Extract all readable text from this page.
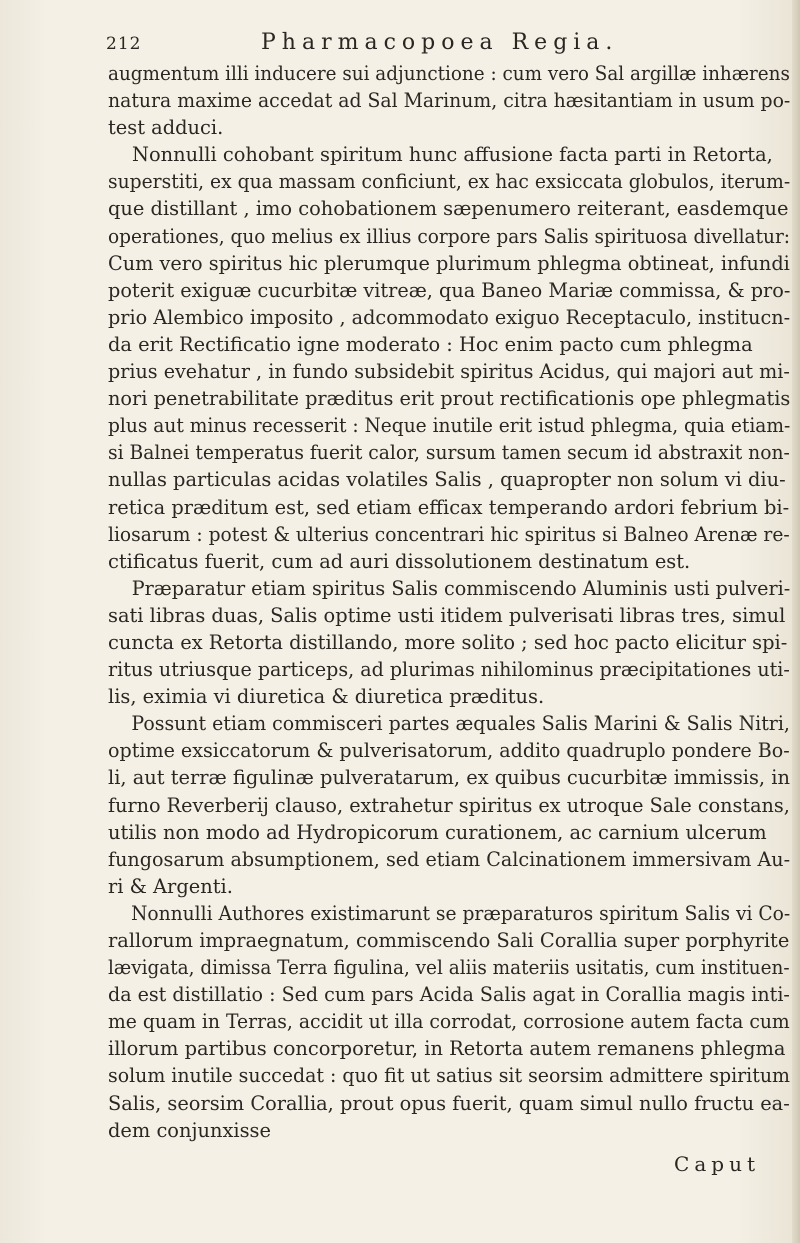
212	Pharmacopoea Regia.
augmentum illi inducere sui adjunctione : cum vero Sal argillæ inhærens
natura maxime accedat ad Sal Marinum, citra hæsitantiam in usum po-
test adduci.
Nonnulli cohobant spiritum hunc affusione facta parti in Retorta,
superstiti, ex qua massam conficiunt, ex hac exsiccata globulos, iterum-
que distillant , imo cohobationem sæpenumero reiterant, easdemque
operationes, quo melius ex illius corpore pars Salis spirituosa divellatur:
Cum vero spiritus hic plerumque plurimum phlegma obtineat, infundi
poterit exiguæ cucurbitæ vitreæ, qua Baneo Mariæ commissa, & pro-
prio Alembico imposito , adcommodato exiguo Receptaculo, institucn-
da erit Rectificatio igne moderato : Hoc enim pacto cum phlegma
prius evehatur , in fundo subsidebit spiritus Acidus, qui majori aut mi-
nori penetrabilitate præditus erit prout rectificationis ope phlegmatis
plus aut minus recesserit : Neque inutile erit istud phlegma, quia etiam-
si Balnei temperatus fuerit calor, sursum tamen secum id abstraxit non-
nullas particulas acidas volatiles Salis , quapropter non solum vi diu-
retica præditum est, sed etiam efficax temperando ardori febrium bi-
liosarum : potest & ulterius concentrari hic spiritus si Balneo Arenæ re-
ctificatus fuerit, cum ad auri dissolutionem destinatum est.
Præparatur etiam spiritus Salis commiscendo Aluminis usti pulveri-
sati libras duas, Salis optime usti itidem pulverisati libras tres, simul
cuncta ex Retorta distillando, more solito ; sed hoc pacto elicitur spi-
ritus utriusque particeps, ad plurimas nihilominus præcipitationes uti-
lis, eximia vi diuretica & diuretica præditus.
Possunt etiam commisceri partes æquales Salis Marini & Salis Nitri,
optime exsiccatorum & pulverisatorum, addito quadruplo pondere Bo-
li, aut terræ figulinæ pulveratarum, ex quibus cucurbitæ immissis, in
furno Reverberij clauso, extrahetur spiritus ex utroque Sale constans,
utilis non modo ad Hydropicorum curationem, ac carnium ulcerum
fungosarum absumptionem, sed etiam Calcinationem immersivam Au-
ri & Argenti.
Nonnulli Authores existimarunt se præparaturos spiritum Salis vi Co-
rallorum impraegnatum, commiscendo Sali Corallia super porphyrite
lævigata, dimissa Terra figulina, vel aliis materiis usitatis, cum instituen-
da est distillatio : Sed cum pars Acida Salis agat in Corallia magis inti-
me quam in Terras, accidit ut illa corrodat, corrosione autem facta cum
illorum partibus concorporetur, in Retorta autem remanens phlegma
solum inutile succedat : quo fit ut satius sit seorsim admittere spiritum
Salis, seorsim Corallia, prout opus fuerit, quam simul nullo fructu ea-
dem conjunxisse
Caput
